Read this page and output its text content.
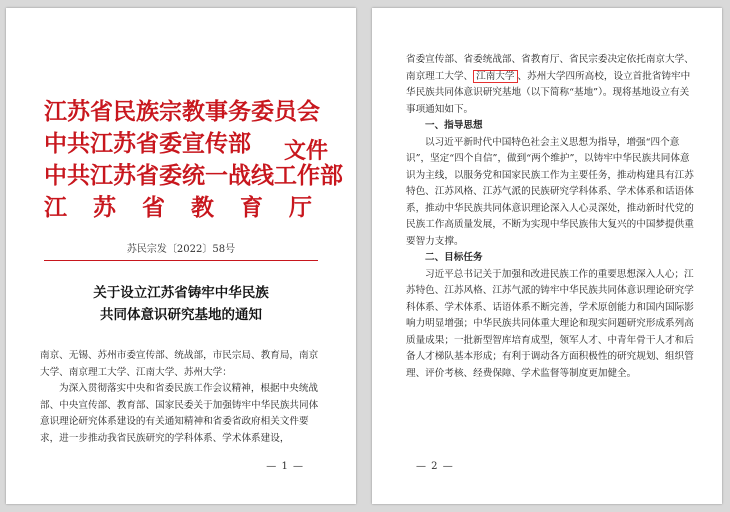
江苏省民族宗教事务委员会
中共江苏省委宣传部
中共江苏省委统一战线工作部
江 苏 省 教 育 厅
文件
苏民宗发〔2022〕58号
关于设立江苏省铸牢中华民族
共同体意识研究基地的通知
南京、无锡、苏州市委宣传部、统战部，市民宗局、教育局，南京大学、南京理工大学、江南大学、苏州大学：
为深入贯彻落实中央和省委民族工作会议精神，根据中央统战部、中央宣传部、教育部、国家民委关于加强铸牢中华民族共同体意识理论研究体系建设的有关通知精神和省委省政府相关文件要求，进一步推动我省民族研究的学科体系、学术体系建设，
— 1 —
省委宣传部、省委统战部、省教育厅、省民宗委决定依托南京大学、南京理工大学、 江南大学 、苏州大学四所高校，设立首批省铸牢中华民族共同体意识研究基地（以下简称“基地”）。现将基地设立有关事项通知如下。
一、指导思想
以习近平新时代中国特色社会主义思想为指导，增强“四个意识”，坚定“四个自信”，做到“两个维护”，以铸牢中华民族共同体意识为主线，以服务党和国家民族工作为主要任务，推动构建具有江苏特色、江苏风格、江苏气派的民族研究学科体系、学术体系和话语体系，推动中华民族共同体意识理论深入人心灵深处，推动新时代党的民族工作高质量发展，不断为实现中华民族伟大复兴的中国梦提供重要智力支撑。
二、目标任务
习近平总书记关于加强和改进民族工作的重要思想深入人心；江苏特色、江苏风格、江苏气派的铸牢中华民族共同体意识理论研究学科体系、学术体系、话语体系不断完善，学术原创能力和国内国际影响力明显增强；中华民族共同体重大理论和现实问题研究形成系列高质量成果；一批新型智库培育成型，领军人才、中青年骨干人才和后备人才梯队基本形成；有利于调动各方面积极性的研究规划、组织管理、评价考核、经费保障、学术监督等制度更加健全。
— 2 —
